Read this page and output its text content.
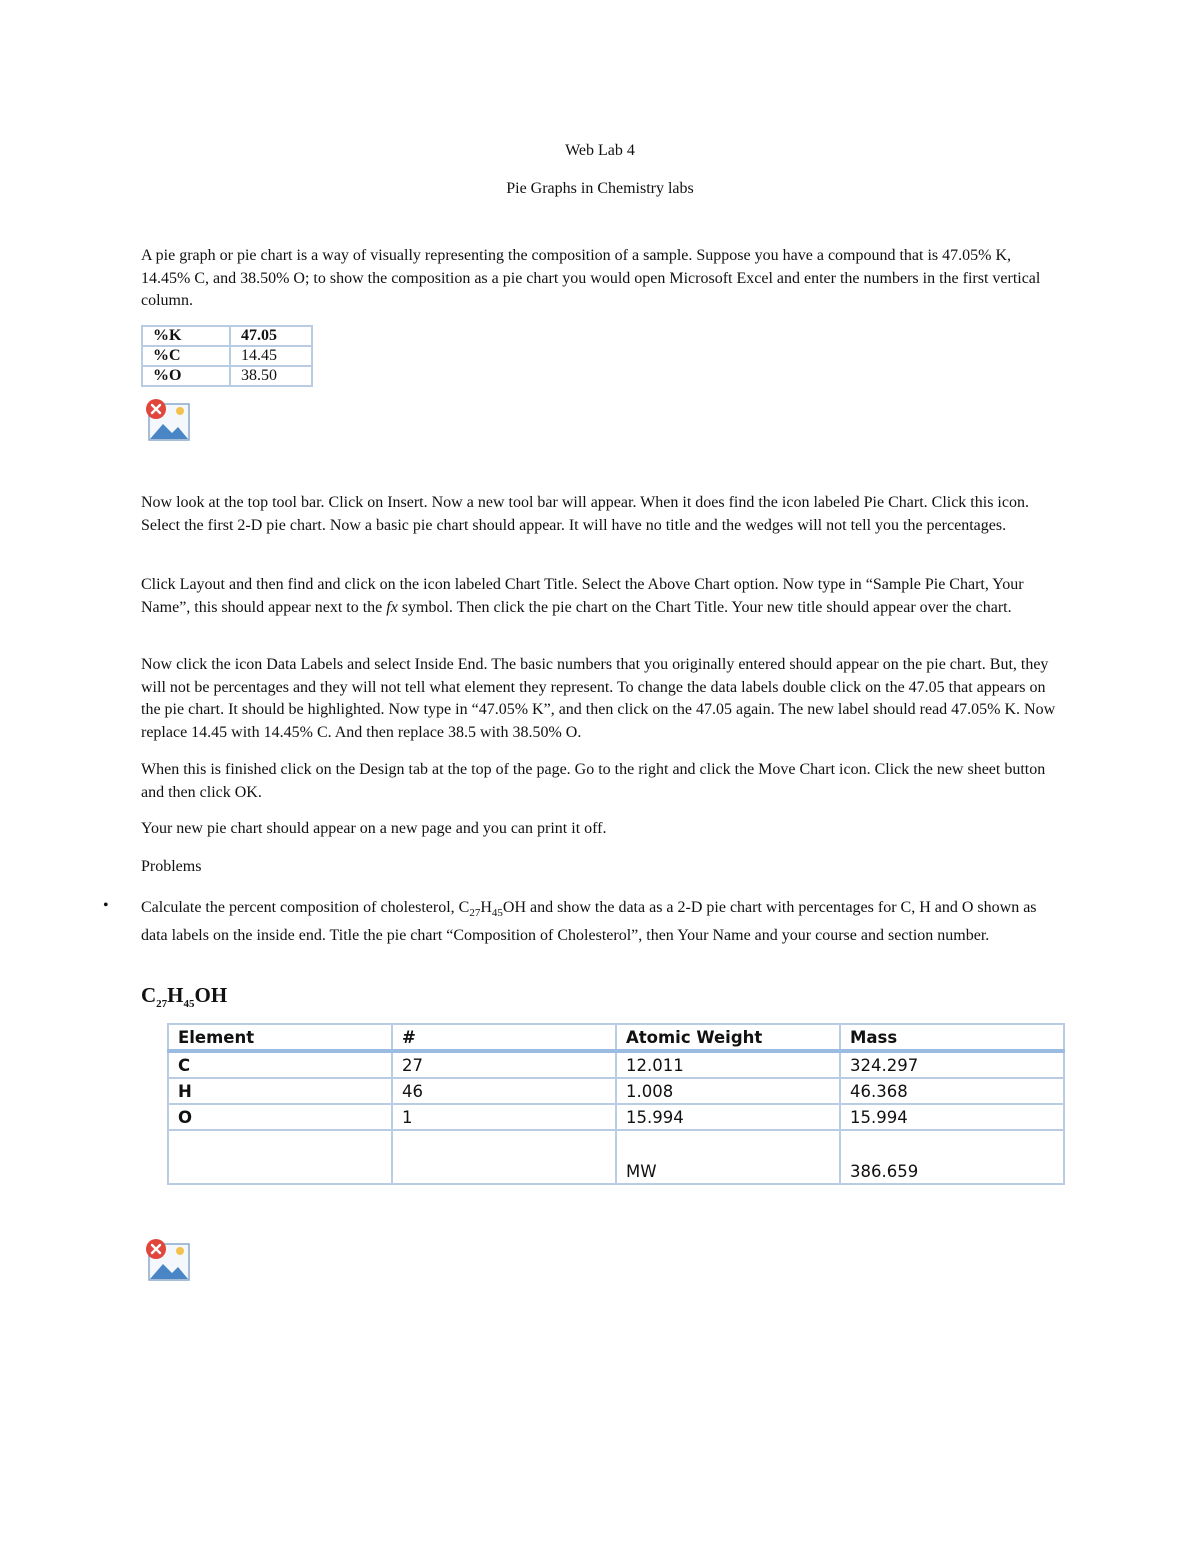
Web Lab 4
Pie Graphs in Chemistry labs

A pie graph or pie chart is a way of visually representing the composition of a sample. Suppose you have a compound that is 47.05% K, 14.45% C, and 38.50% O; to show the composition as a pie chart you would open Microsoft Excel and enter the numbers in the first vertical column.

%K	47.05
%C	14.45
%O	38.50

Now look at the top tool bar. Click on Insert. Now a new tool bar will appear. When it does find the icon labeled Pie Chart. Click this icon. Select the first 2-D pie chart. Now a basic pie chart should appear. It will have no title and the wedges will not tell you the percentages.

Click Layout and then find and click on the icon labeled Chart Title. Select the Above Chart option. Now type in “Sample Pie Chart, Your Name”, this should appear next to the fx symbol. Then click the pie chart on the Chart Title. Your new title should appear over the chart.

Now click the icon Data Labels and select Inside End. The basic numbers that you originally entered should appear on the pie chart. But, they will not be percentages and they will not tell what element they represent. To change the data labels double click on the 47.05 that appears on the pie chart. It should be highlighted. Now type in “47.05% K”, and then click on the 47.05 again. The new label should read 47.05% K. Now replace 14.45 with 14.45% C. And then replace 38.5 with 38.50% O.

When this is finished click on the Design tab at the top of the page. Go to the right and click the Move Chart icon. Click the new sheet button and then click OK.

Your new pie chart should appear on a new page and you can print it off.

Problems

• Calculate the percent composition of cholesterol, $C_{27}H_{45}OH$ and show the data as a 2-D pie chart with percentages for C, H and O shown as data labels on the inside end. Title the pie chart “Composition of Cholesterol”, then Your Name and your course and section number.

$C_{27}H_{45}OH$
Element	#	Atomic Weight	Mass
C	27	12.011	324.297
H	46	1.008	46.368
O	1	15.994	15.994
		MW	386.659
